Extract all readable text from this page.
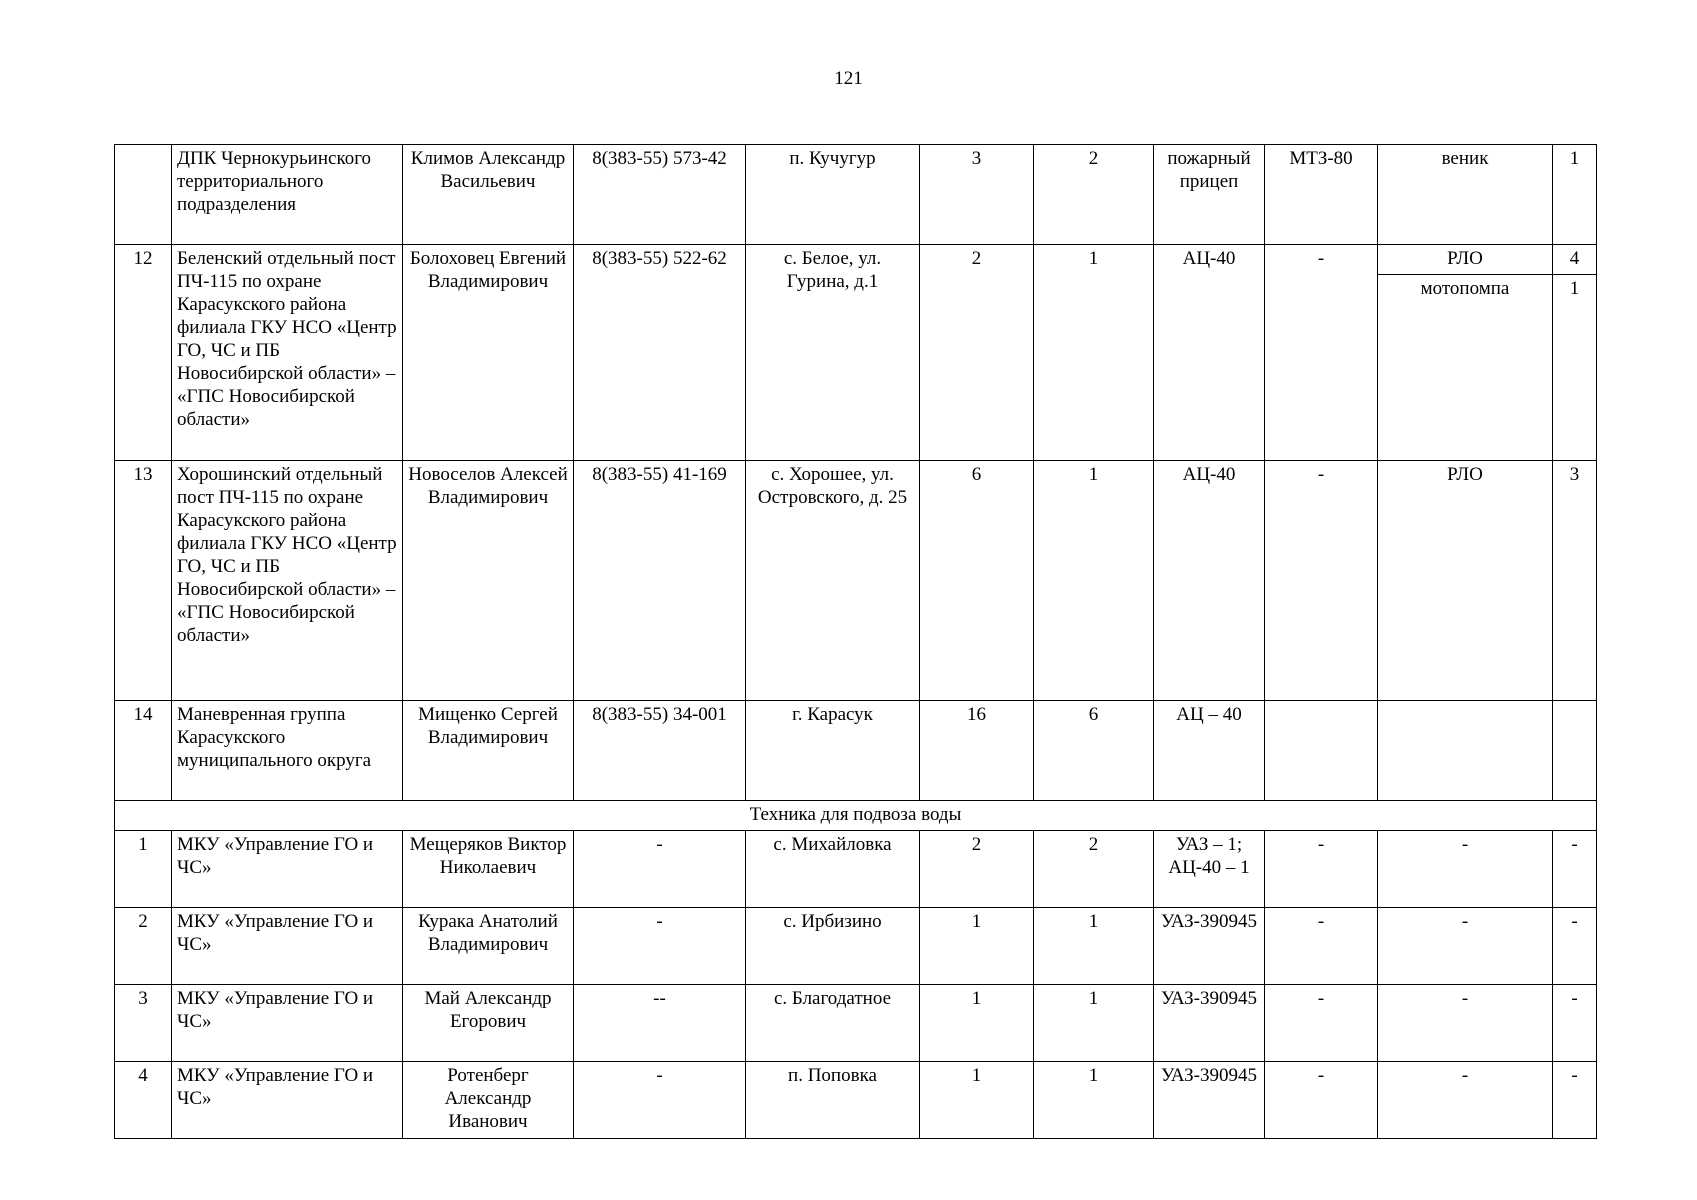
121
	ДПК Чернокурьинского территориального подразделения	Климов Александр Васильевич	8(383-55) 573-42	п. Кучугур	3	2	пожарный прицеп	МТЗ-80	веник	1
12	Беленский отдельный пост ПЧ-115 по охране Карасукского района филиала ГКУ НСО «Центр ГО, ЧС и ПБ Новосибирской области» – «ГПС Новосибирской области»	Болоховец Евгений Владимирович	8(383-55) 522-62	с. Белое, ул. Гурина, д.1	2	1	АЦ-40	-	РЛО	4
									мотопомпа	1
13	Хорошинский отдельный пост ПЧ-115 по охране Карасукского района филиала ГКУ НСО «Центр ГО, ЧС и ПБ Новосибирской области» – «ГПС Новосибирской области»	Новоселов Алексей Владимирович	8(383-55) 41-169	с. Хорошее, ул. Островского, д. 25	6	1	АЦ-40	-	РЛО	3
14	Маневренная группа Карасукского муниципального округа	Мищенко Сергей Владимирович	8(383-55) 34-001	г. Карасук	16	6	АЦ – 40			
Техника для подвоза воды										
1	МКУ «Управление ГО и ЧС»	Мещеряков Виктор Николаевич	-	с. Михайловка	2	2	УАЗ – 1; АЦ-40 – 1	-	-	-
2	МКУ «Управление ГО и ЧС»	Курака Анатолий Владимирович	-	с. Ирбизино	1	1	УАЗ-390945	-	-	-
3	МКУ «Управление ГО и ЧС»	Май Александр Егорович	--	с. Благодатное	1	1	УАЗ-390945	-	-	-
4	МКУ «Управление ГО и ЧС»	Ротенберг Александр Иванович	-	п. Поповка	1	1	УАЗ-390945	-	-	-
